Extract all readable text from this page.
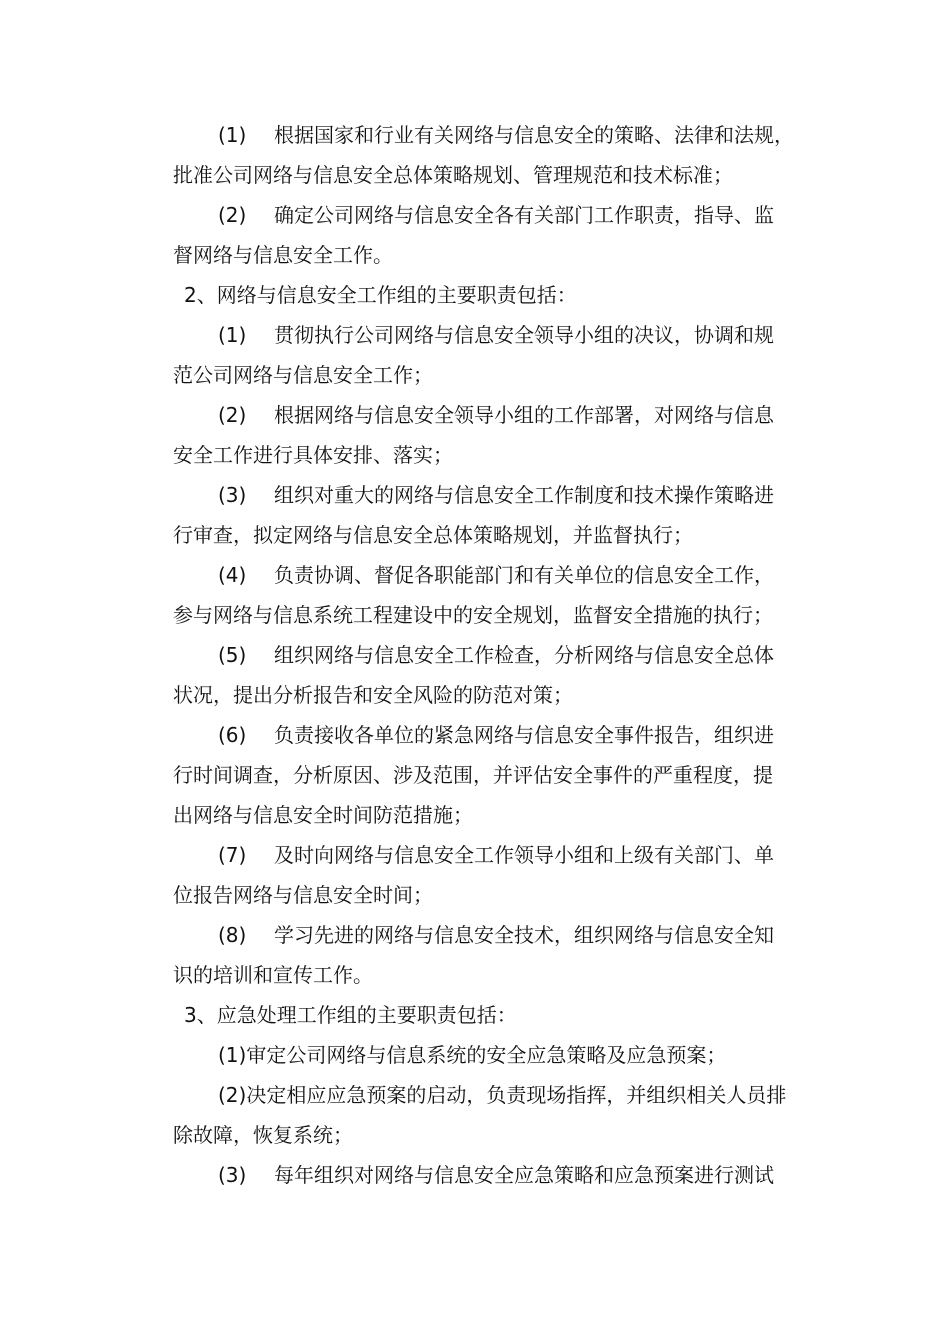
(1) 根据国家和行业有关网络与信息安全的策略、法律和法规，
批准公司网络与信息安全总体策略规划、管理规范和技术标准；
(2) 确定公司网络与信息安全各有关部门工作职责，指导、监
督网络与信息安全工作。
2、网络与信息安全工作组的主要职责包括：
(1) 贯彻执行公司网络与信息安全领导小组的决议，协调和规
范公司网络与信息安全工作；
(2) 根据网络与信息安全领导小组的工作部署，对网络与信息
安全工作进行具体安排、落实；
(3) 组织对重大的网络与信息安全工作制度和技术操作策略进
行审查，拟定网络与信息安全总体策略规划，并监督执行；
(4) 负责协调、督促各职能部门和有关单位的信息安全工作，
参与网络与信息系统工程建设中的安全规划，监督安全措施的执行；
(5) 组织网络与信息安全工作检查，分析网络与信息安全总体
状况，提出分析报告和安全风险的防范对策；
(6) 负责接收各单位的紧急网络与信息安全事件报告，组织进
行时间调查，分析原因、涉及范围，并评估安全事件的严重程度，提
出网络与信息安全时间防范措施；
(7) 及时向网络与信息安全工作领导小组和上级有关部门、单
位报告网络与信息安全时间；
(8) 学习先进的网络与信息安全技术，组织网络与信息安全知
识的培训和宣传工作。
3、应急处理工作组的主要职责包括：
(1)审定公司网络与信息系统的安全应急策略及应急预案；
(2)决定相应应急预案的启动，负责现场指挥，并组织相关人员排
除故障，恢复系统；
(3) 每年组织对网络与信息安全应急策略和应急预案进行测试
